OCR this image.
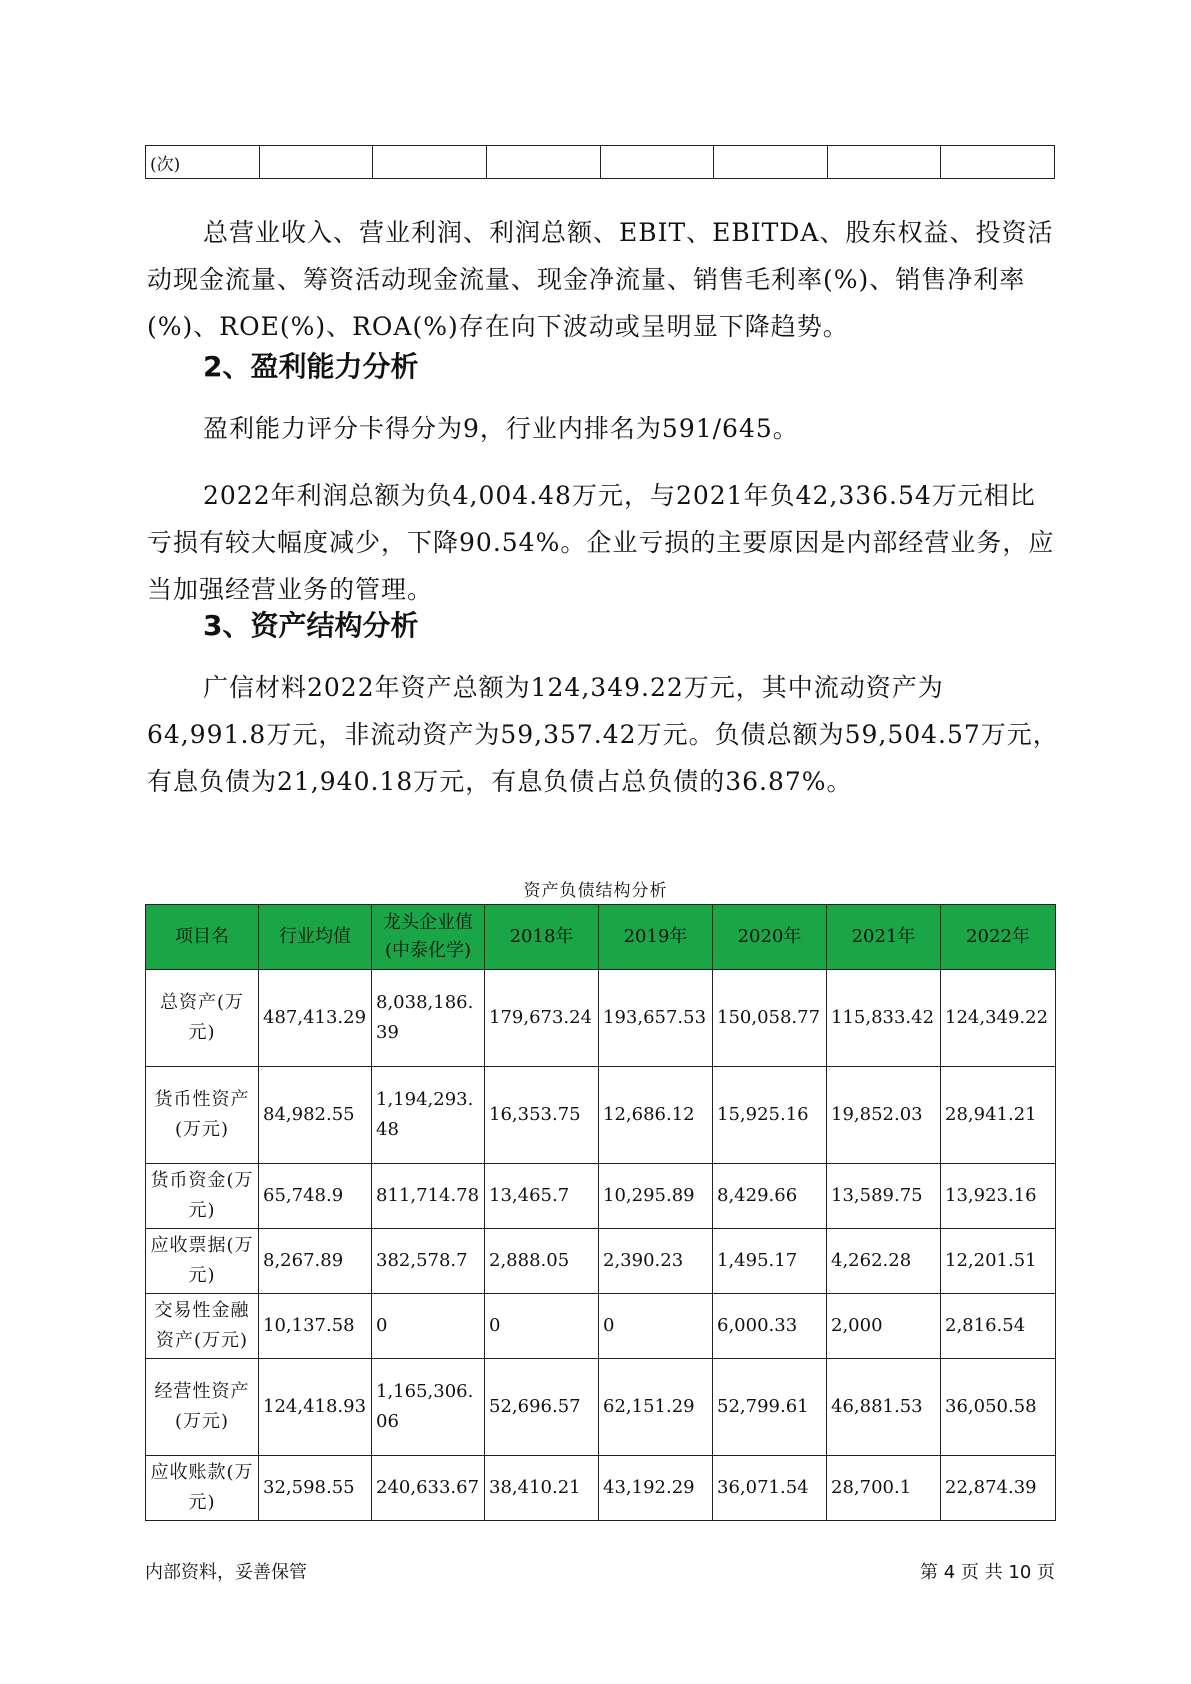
(次)							

总营业收入、营业利润、利润总额、EBIT、EBITDA、股东权益、投资活动现金流量、筹资活动现金流量、现金净流量、销售毛利率(%)、销售净利率(%)、ROE(%)、ROA(%)存在向下波动或呈明显下降趋势。

2、盈利能力分析

盈利能力评分卡得分为9，行业内排名为591/645。

2022年利润总额为负4,004.48万元，与2021年负42,336.54万元相比亏损有较大幅度减少，下降90.54%。企业亏损的主要原因是内部经营业务，应当加强经营业务的管理。

3、资产结构分析

广信材料2022年资产总额为124,349.22万元，其中流动资产为64,991.8万元，非流动资产为59,357.42万元。负债总额为59,504.57万元，有息负债为21,940.18万元，有息负债占总负债的36.87%。

资产负债结构分析
项目名	行业均值	龙头企业值(中泰化学)	2018年	2019年	2020年	2021年	2022年
总资产(万元)	487,413.29	8,038,186.39	179,673.24	193,657.53	150,058.77	115,833.42	124,349.22
货币性资产(万元)	84,982.55	1,194,293.48	16,353.75	12,686.12	15,925.16	19,852.03	28,941.21
货币资金(万元)	65,748.9	811,714.78	13,465.7	10,295.89	8,429.66	13,589.75	13,923.16
应收票据(万元)	8,267.89	382,578.7	2,888.05	2,390.23	1,495.17	4,262.28	12,201.51
交易性金融资产(万元)	10,137.58	0	0	0	6,000.33	2,000	2,816.54
经营性资产(万元)	124,418.93	1,165,306.06	52,696.57	62,151.29	52,799.61	46,881.53	36,050.58
应收账款(万元)	32,598.55	240,633.67	38,410.21	43,192.29	36,071.54	28,700.1	22,874.39
内部资料，妥善保管	第 4 页 共 10 页
